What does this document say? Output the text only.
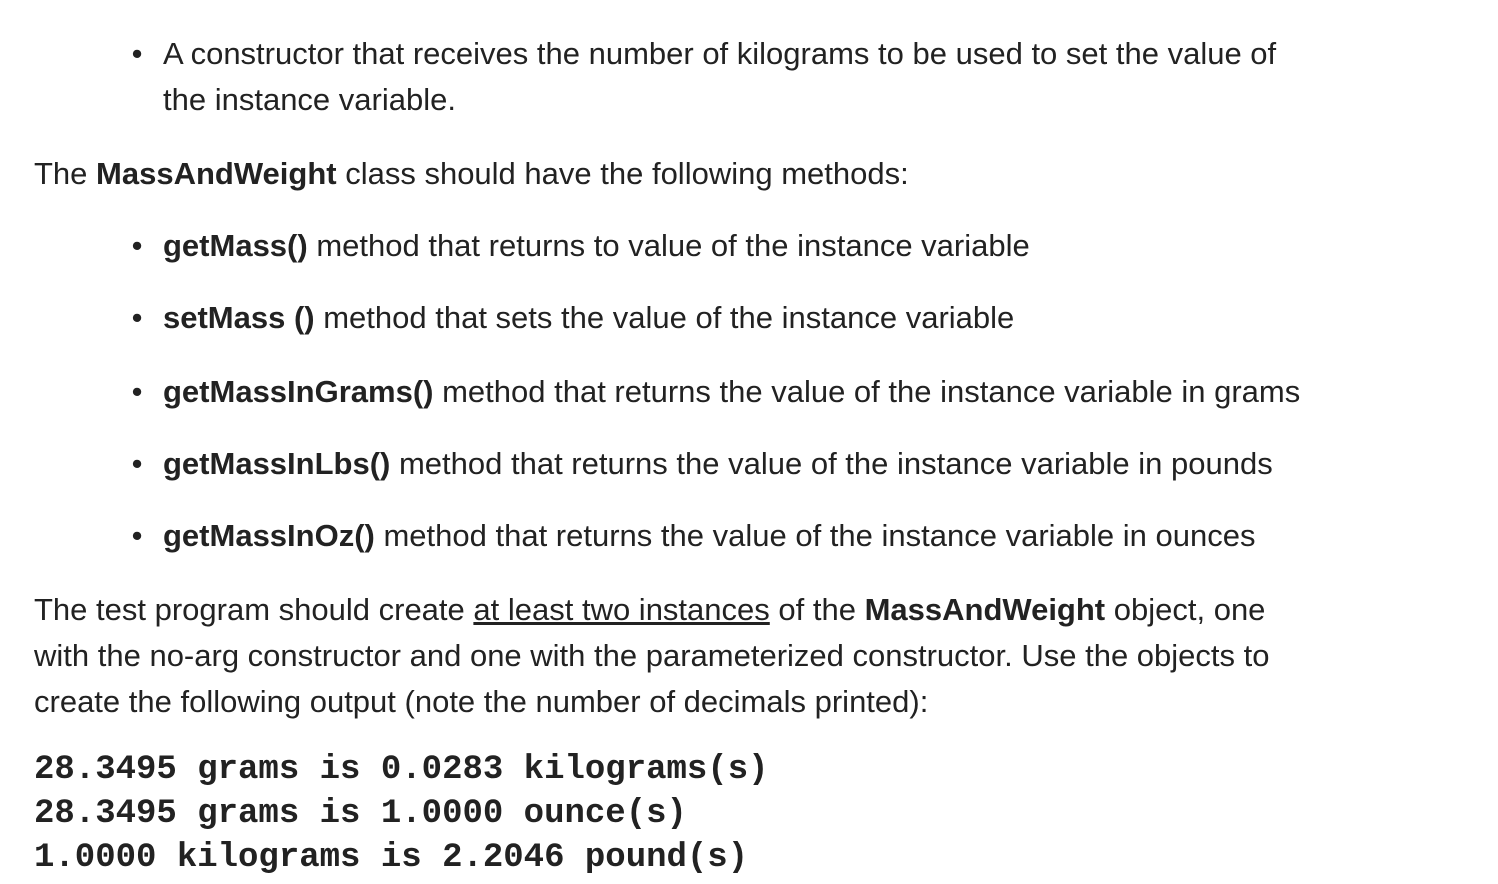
• A constructor that receives the number of kilograms to be used to set the value of
the instance variable.

The MassAndWeight class should have the following methods:

• getMass() method that returns to value of the instance variable
• setMass () method that sets the value of the instance variable
• getMassInGrams() method that returns the value of the instance variable in grams
• getMassInLbs() method that returns the value of the instance variable in pounds
• getMassInOz() method that returns the value of the instance variable in ounces

The test program should create at least two instances of the MassAndWeight object, one
with the no-arg constructor and one with the parameterized constructor. Use the objects to
create the following output (note the number of decimals printed):

28.3495 grams is 0.0283 kilograms(s)
28.3495 grams is 1.0000 ounce(s)
1.0000 kilograms is 2.2046 pound(s)
